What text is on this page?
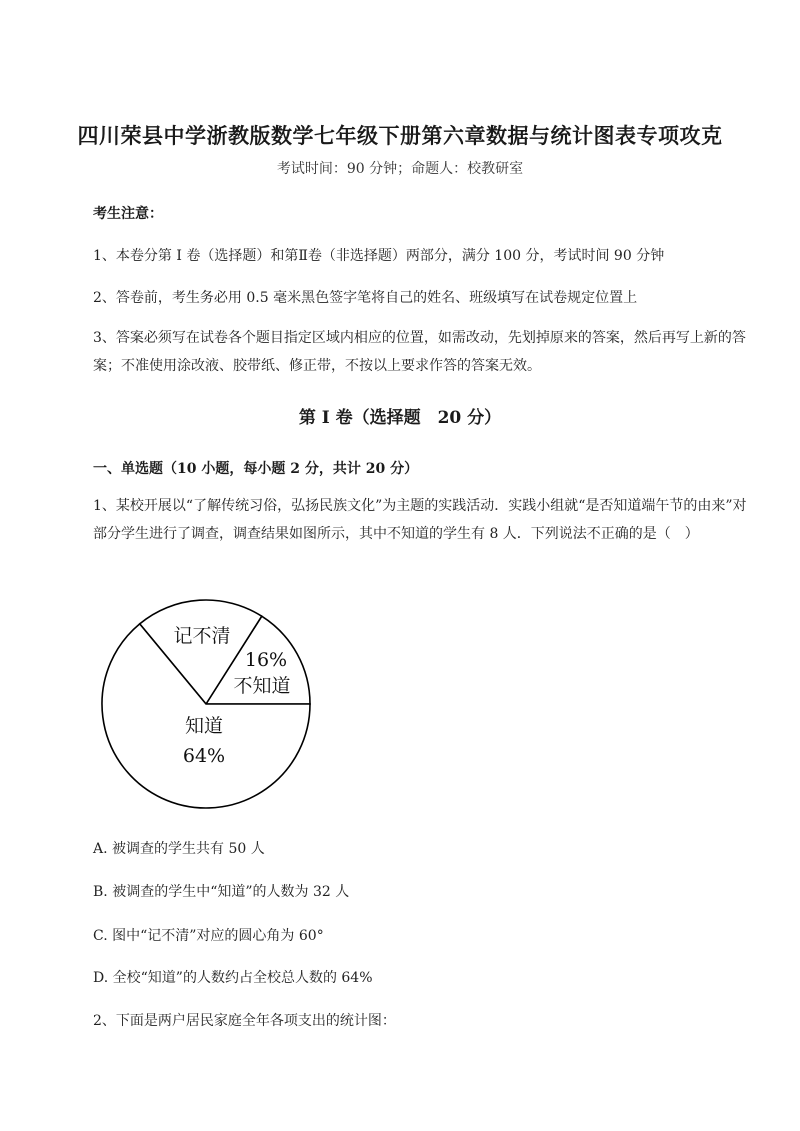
四川荣县中学浙教版数学七年级下册第六章数据与统计图表专项攻克
考试时间：90 分钟；命题人：校教研室
考生注意：
1、本卷分第 I 卷（选择题）和第Ⅱ卷（非选择题）两部分，满分 100 分，考试时间 90 分钟
2、答卷前，考生务必用 0.5 毫米黑色签字笔将自己的姓名、班级填写在试卷规定位置上
3、答案必须写在试卷各个题目指定区域内相应的位置，如需改动，先划掉原来的答案，然后再写上新的答案；不准使用涂改液、胶带纸、修正带，不按以上要求作答的答案无效。
第 I 卷（选择题　20 分）
一、单选题（10 小题，每小题 2 分，共计 20 分）
1、某校开展以“了解传统习俗，弘扬民族文化”为主题的实践活动．实践小组就“是否知道端午节的由来”对部分学生进行了调查，调查结果如图所示，其中不知道的学生有 8 人．下列说法不正确的是（　）
记不清
16%
不知道
知道
64%
A. 被调查的学生共有 50 人
B. 被调查的学生中“知道”的人数为 32 人
C. 图中“记不清”对应的圆心角为 60°
D. 全校“知道”的人数约占全校总人数的 64%
2、下面是两户居民家庭全年各项支出的统计图：
